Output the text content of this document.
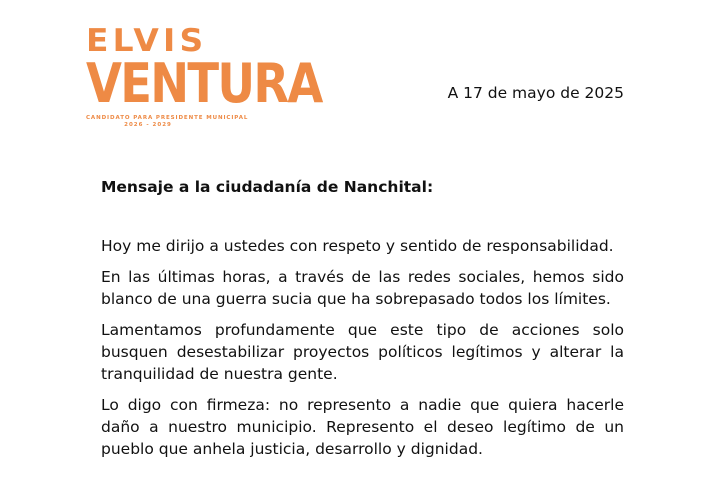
ELVIS
VENTURA
CANDIDATO PARA PRESIDENTE MUNICIPAL
2026 - 2029
A 17 de mayo de 2025

Mensaje a la ciudadanía de Nanchital:

Hoy me dirijo a ustedes con respeto y sentido de responsabilidad.

En las últimas horas, a través de las redes sociales, hemos sido blanco de una guerra sucia que ha sobrepasado todos los límites.

Lamentamos profundamente que este tipo de acciones solo busquen desestabilizar proyectos políticos legítimos y alterar la tranquilidad de nuestra gente.

Lo digo con firmeza: no represento a nadie que quiera hacerle daño a nuestro municipio. Represento el deseo legítimo de un pueblo que anhela justicia, desarrollo y dignidad.
